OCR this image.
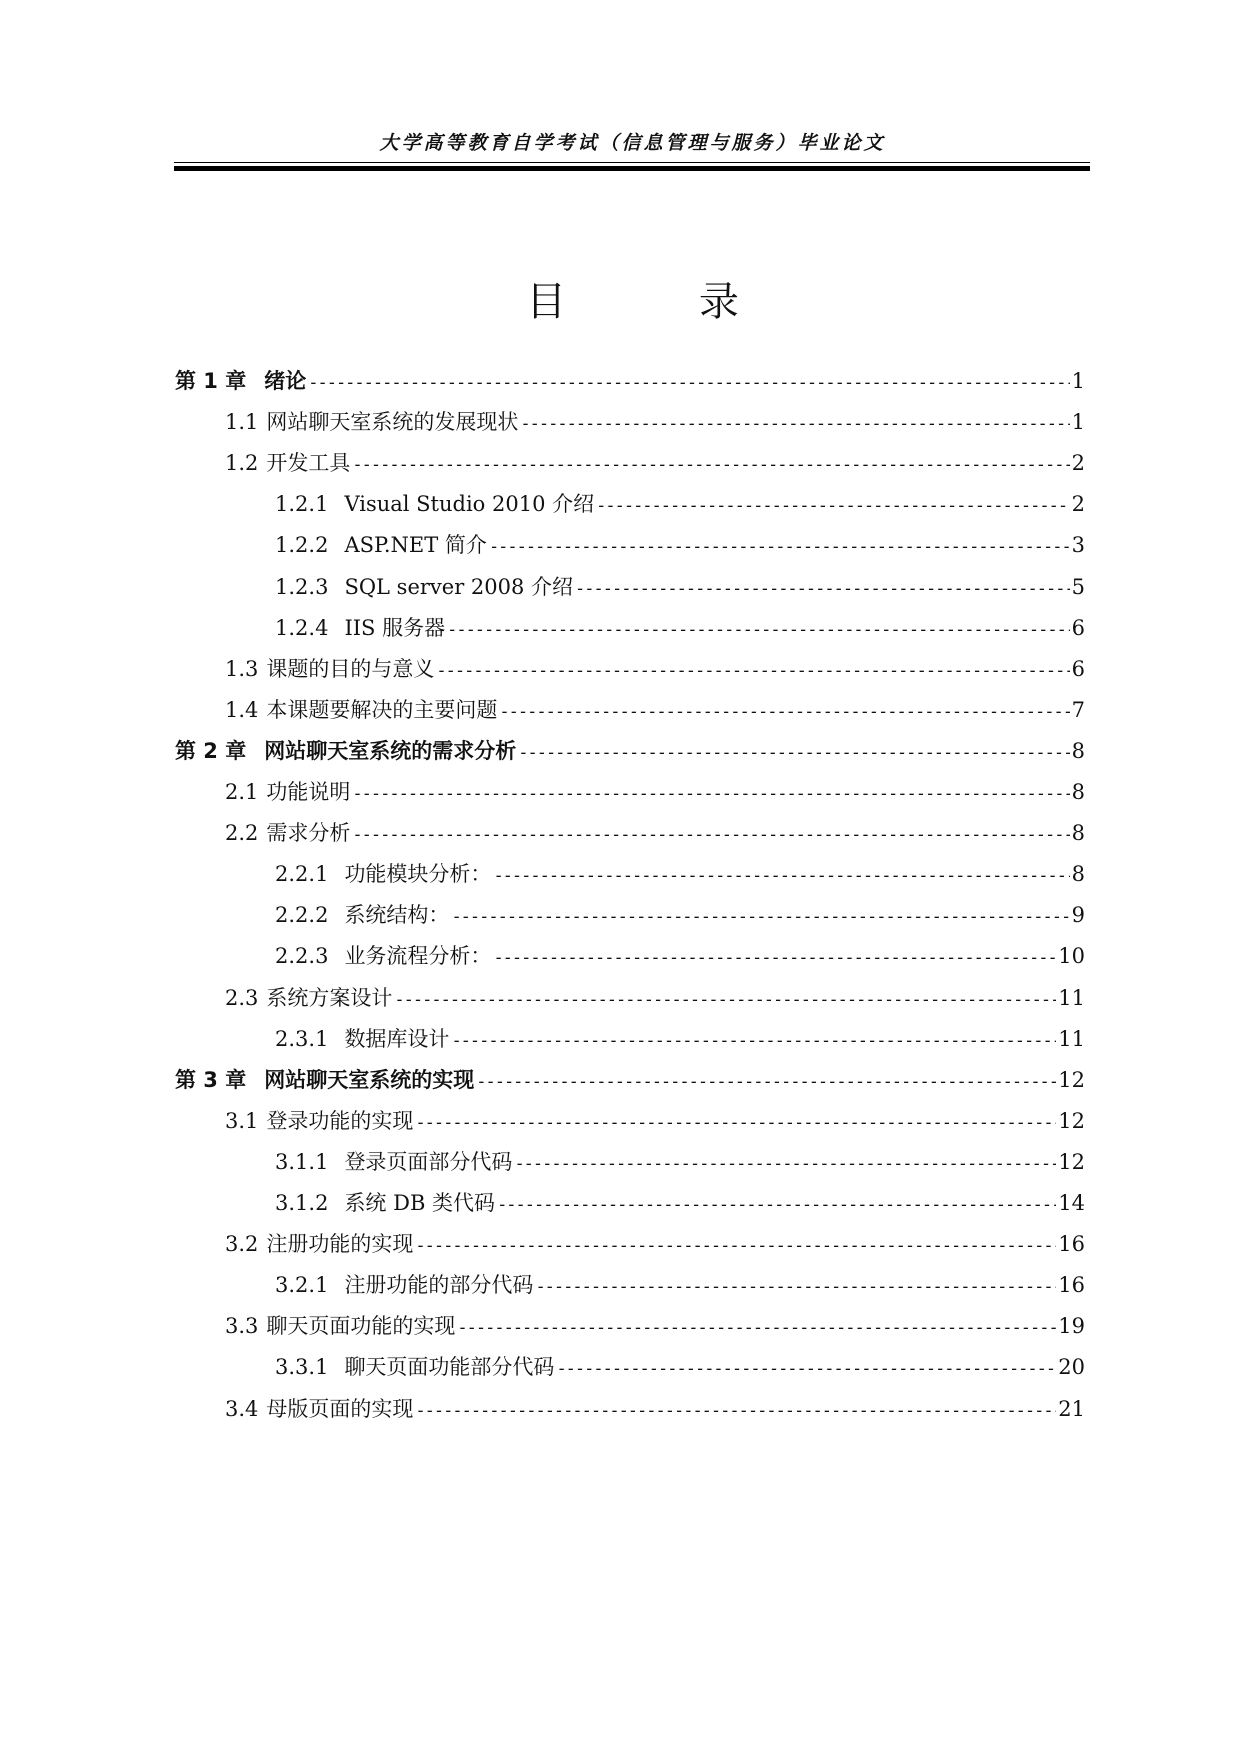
大学高等教育自学考试（信息管理与服务）毕业论文
目 录
第 1 章 绪论 -----	1
1.1 网站聊天室系统的发展现状 -----	1
1.2 开发工具 -----	2
1.2.1 Visual Studio 2010 介绍 -----	2
1.2.2 ASP.NET 简介 -----	3
1.2.3 SQL server 2008 介绍 -----	5
1.2.4 IIS 服务器 -----	6
1.3 课题的目的与意义 -----	6
1.4 本课题要解决的主要问题 -----	7
第 2 章 网站聊天室系统的需求分析 -----	8
2.1 功能说明 -----	8
2.2 需求分析 -----	8
2.2.1 功能模块分析： -----	8
2.2.2 系统结构： -----	9
2.2.3 业务流程分析： -----	10
2.3 系统方案设计 -----	11
2.3.1 数据库设计 -----	11
第 3 章 网站聊天室系统的实现 -----	12
3.1 登录功能的实现 -----	12
3.1.1 登录页面部分代码 -----	12
3.1.2 系统 DB 类代码 -----	14
3.2 注册功能的实现 -----	16
3.2.1 注册功能的部分代码 -----	16
3.3 聊天页面功能的实现 -----	19
3.3.1 聊天页面功能部分代码 -----	20
3.4 母版页面的实现 -----	21
